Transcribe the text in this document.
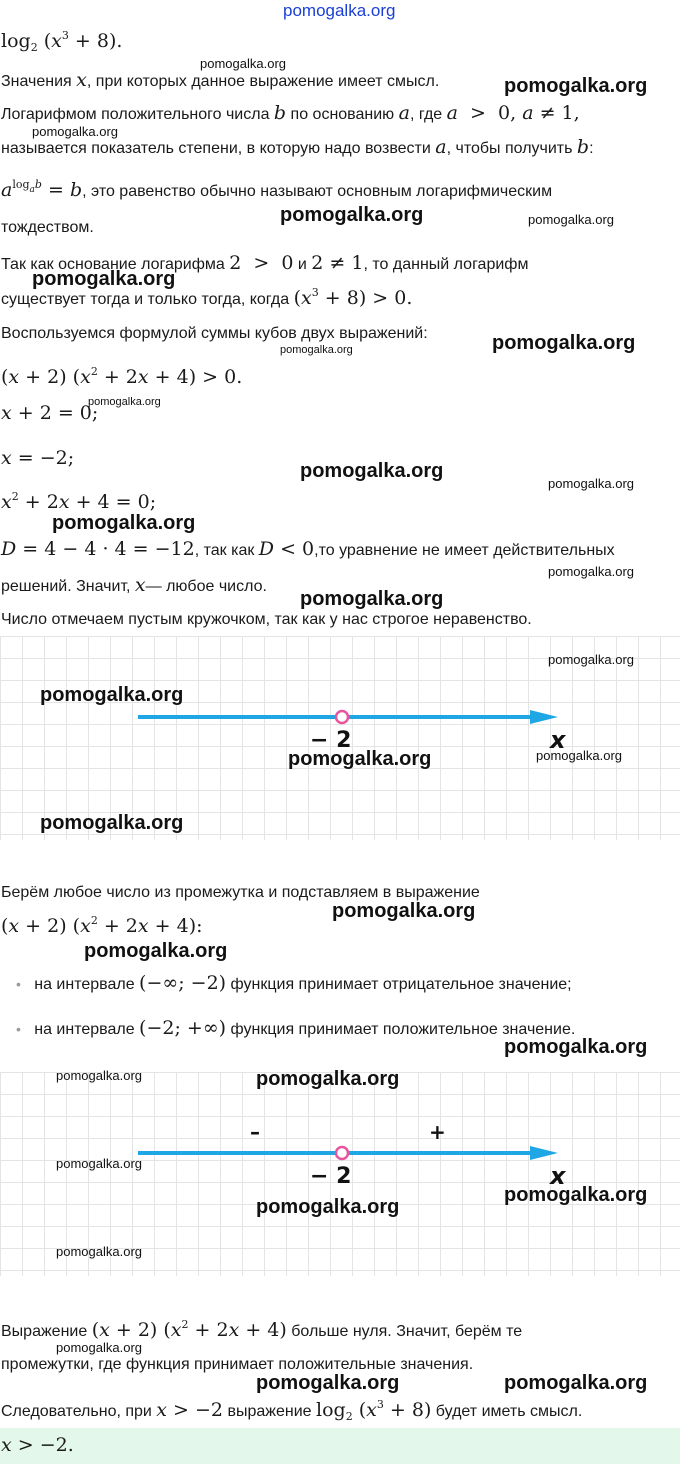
pomogalka.org
$\log_2 (x^3 + 8)$.
Значения x, при которых данное выражение имеет смысл.
Логарифмом положительного числа b по основанию a, где a  >  0, a ≠ 1,
называется показатель степени, в которую надо возвести a, чтобы получить b:
$a^{log_ab} = b$, это равенство обычно называют основным логарифмическим
тождеством.
Так как основание логарифма 2  >  0 и 2 ≠ 1, то данный логарифм
существует тогда и только тогда, когда $(x^3 + 8) > 0$.
Воспользуемся формулой суммы кубов двух выражений:
(x + 2) $(x^2 + 2x + 4) > 0$.
x + 2 = 0;
x = −2;
$x^2 + 2x + 4 = 0$;
D = 4 − 4 · 4 = −12, так как D < 0,то уравнение не имеет действительных
решений. Значит, x— любое число.
Число отмечаем пустым кружочком, так как у нас строгое неравенство.
− 2	x
Берём любое число из промежутка и подставляем в выражение
(x + 2) $(x^2 + 2x + 4)$:
• на интервале (−∞; −2) функция принимает отрицательное значение;
• на интервале (−2; +∞) функция принимает положительное значение.
–	+
− 2	x
Выражение (x + 2) $(x^2 + 2x + 4)$ больше нуля. Значит, берём те
промежутки, где функция принимает положительные значения.
Следовательно, при x > −2 выражение $\log_2 (x^3 + 8)$ будет иметь смысл.
x > −2.
pomogalka.org
pomogalka.org
pomogalka.org
pomogalka.org	pomogalka.org
pomogalka.org
pomogalka.org
pomogalka.org
pomogalka.org
pomogalka.org
pomogalka.org
pomogalka.org
pomogalka.org
pomogalka.org
pomogalka.org
pomogalka.org
pomogalka.org	pomogalka.org
pomogalka.org
pomogalka.org
pomogalka.org
pomogalka.org
pomogalka.org	pomogalka.org
pomogalka.org
pomogalka.org
pomogalka.org
pomogalka.org
pomogalka.org
pomogalka.org	pomogalka.org
